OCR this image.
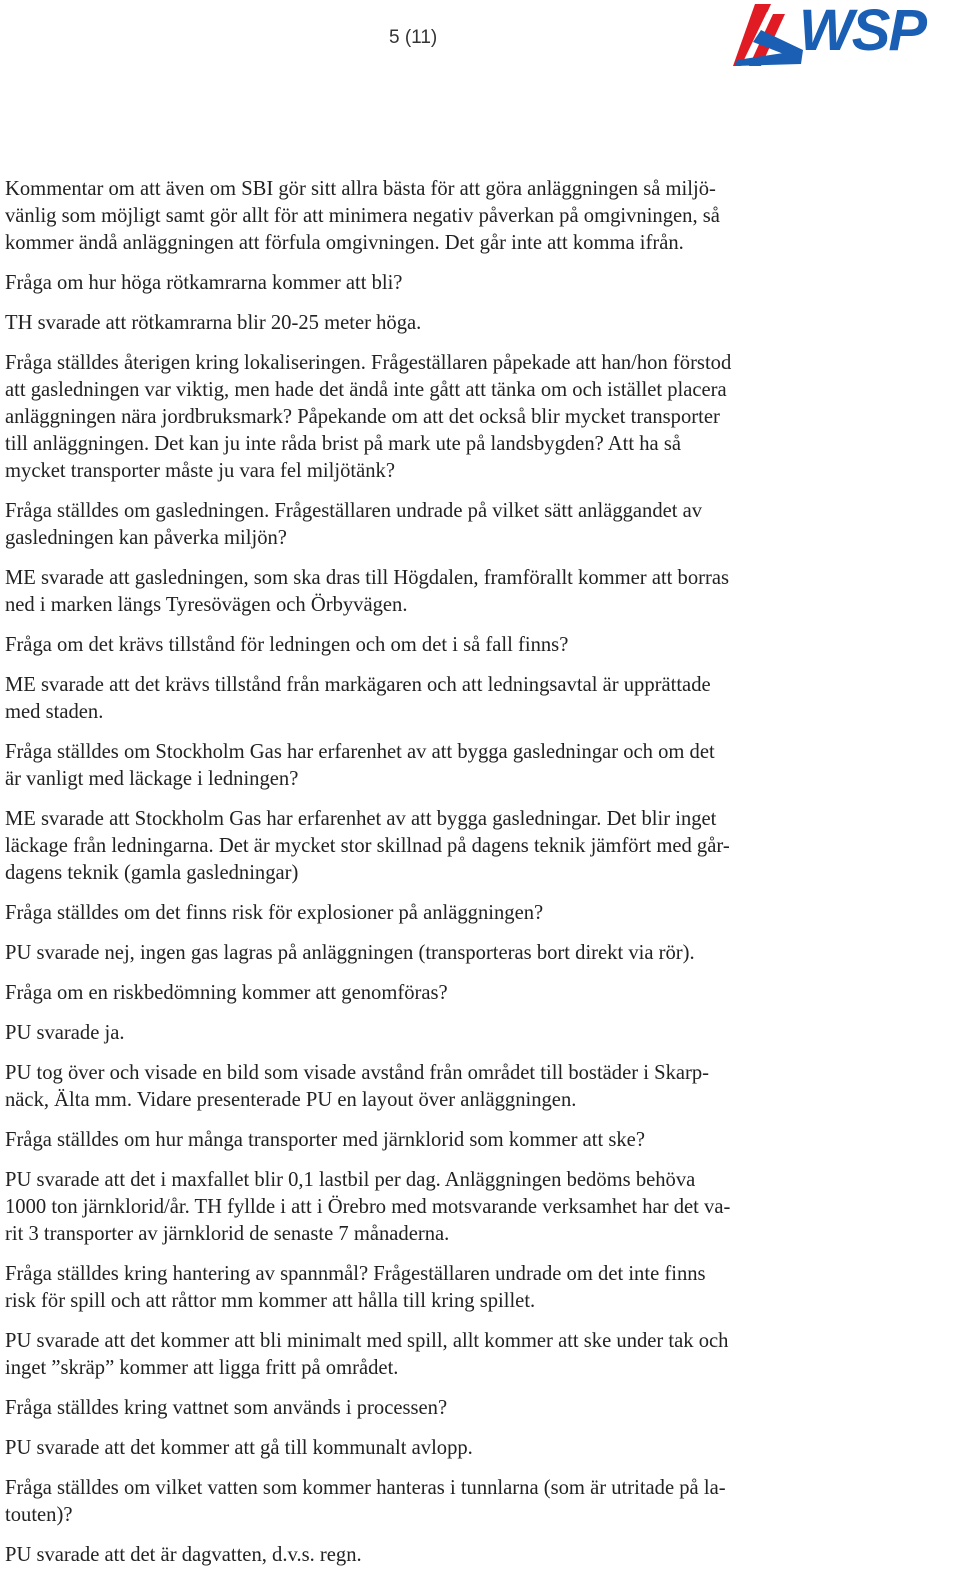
5 (11)	WSP

Kommentar om att även om SBI gör sitt allra bästa för att göra anläggningen så miljö-
vänlig som möjligt samt gör allt för att minimera negativ påverkan på omgivningen, så
kommer ändå anläggningen att förfula omgivningen. Det går inte att komma ifrån.

Fråga om hur höga rötkamrarna kommer att bli?

TH svarade att rötkamrarna blir 20-25 meter höga.

Fråga ställdes återigen kring lokaliseringen. Frågeställaren påpekade att han/hon förstod
att gasledningen var viktig, men hade det ändå inte gått att tänka om och istället placera
anläggningen nära jordbruksmark? Påpekande om att det också blir mycket transporter
till anläggningen. Det kan ju inte råda brist på mark ute på landsbygden? Att ha så
mycket transporter måste ju vara fel miljötänk?

Fråga ställdes om gasledningen. Frågeställaren undrade på vilket sätt anläggandet av
gasledningen kan påverka miljön?

ME svarade att gasledningen, som ska dras till Högdalen, framförallt kommer att borras
ned i marken längs Tyresövägen och Örbyvägen.

Fråga om det krävs tillstånd för ledningen och om det i så fall finns?

ME svarade att det krävs tillstånd från markägaren och att ledningsavtal är upprättade
med staden.

Fråga ställdes om Stockholm Gas har erfarenhet av att bygga gasledningar och om det
är vanligt med läckage i ledningen?

ME svarade att Stockholm Gas har erfarenhet av att bygga gasledningar. Det blir inget
läckage från ledningarna. Det är mycket stor skillnad på dagens teknik jämfört med går-
dagens teknik (gamla gasledningar)

Fråga ställdes om det finns risk för explosioner på anläggningen?

PU svarade nej, ingen gas lagras på anläggningen (transporteras bort direkt via rör).

Fråga om en riskbedömning kommer att genomföras?

PU svarade ja.

PU tog över och visade en bild som visade avstånd från området till bostäder i Skarp-
näck, Älta mm. Vidare presenterade PU en layout över anläggningen.

Fråga ställdes om hur många transporter med järnklorid som kommer att ske?

PU svarade att det i maxfallet blir 0,1 lastbil per dag. Anläggningen bedöms behöva
1000 ton järnklorid/år. TH fyllde i att i Örebro med motsvarande verksamhet har det va-
rit 3 transporter av järnklorid de senaste 7 månaderna.

Fråga ställdes kring hantering av spannmål? Frågeställaren undrade om det inte finns
risk för spill och att råttor mm kommer att hålla till kring spillet.

PU svarade att det kommer att bli minimalt med spill, allt kommer att ske under tak och
inget ”skräp” kommer att ligga fritt på området.

Fråga ställdes kring vattnet som används i processen?

PU svarade att det kommer att gå till kommunalt avlopp.

Fråga ställdes om vilket vatten som kommer hanteras i tunnlarna (som är utritade på la-
touten)?

PU svarade att det är dagvatten, d.v.s. regn.
